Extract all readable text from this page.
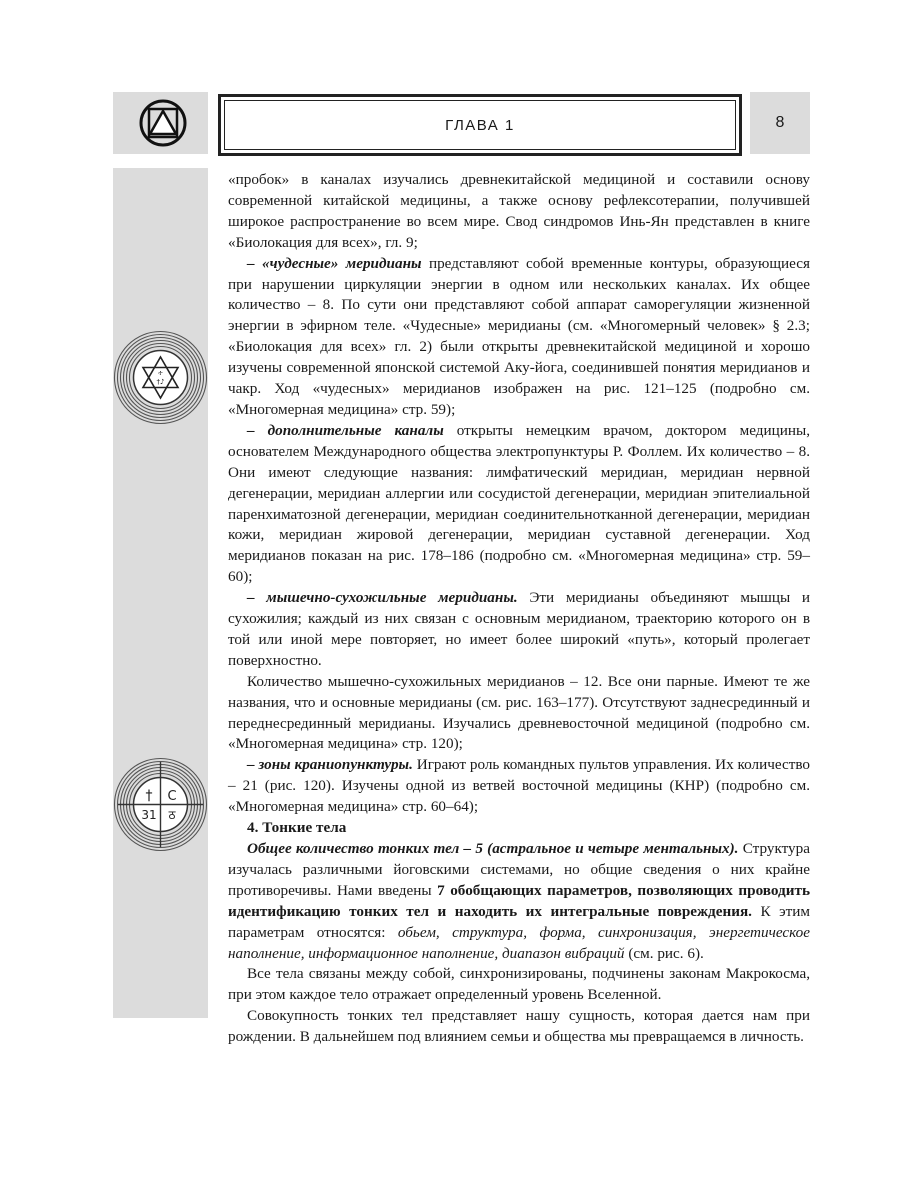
ГЛАВА 1	8
ተ
†♪
† С
31 ठ

«пробок» в каналах изучались древнекитайской медициной и составили основу современной китайской медицины, а также основу рефлексотерапии, получившей широкое распространение во всем мире. Свод синдромов Инь-Ян представлен в книге «Биолокация для всех», гл. 9;

– «чудесные» меридианы представляют собой временные контуры, образующиеся при нарушении циркуляции энергии в одном или нескольких каналах. Их общее количество – 8. По сути они представляют собой аппарат саморегуляции жизненной энергии в эфирном теле. «Чудесные» меридианы (см. «Многомерный человек» § 2.3; «Биолокация для всех» гл. 2) были открыты древнекитайской медициной и хорошо изучены современной японской системой Аку-йога, соединившей понятия меридианов и чакр. Ход «чудесных» меридианов изображен на рис. 121–125 (подробно см. «Многомерная медицина» стр. 59);

– дополнительные каналы открыты немецким врачом, доктором медицины, основателем Международного общества электропунктуры Р. Фоллем. Их количество – 8. Они имеют следующие названия: лимфатический меридиан, меридиан нервной дегенерации, меридиан аллергии или сосудистой дегенерации, меридиан эпителиальной паренхиматозной дегенерации, меридиан соединительнотканной дегенерации, меридиан кожи, меридиан жировой дегенерации, меридиан суставной дегенерации. Ход меридианов показан на рис. 178–186 (подробно см. «Многомерная медицина» стр. 59–60);

– мышечно-сухожильные меридианы. Эти меридианы объединяют мышцы и сухожилия; каждый из них связан с основным меридианом, траекторию которого он в той или иной мере повторяет, но имеет более широкий «путь», который пролегает поверхностно.

Количество мышечно-сухожильных меридианов – 12. Все они парные. Имеют те же названия, что и основные меридианы (см. рис. 163–177). Отсутствуют заднесрединный и переднесрединный меридианы. Изучались древневосточной медициной (подробно см. «Многомерная медицина» стр. 120);

– зоны краниопунктуры. Играют роль командных пультов управления. Их количество – 21 (рис. 120). Изучены одной из ветвей восточной медицины (КНР) (подробно см. «Многомерная медицина» стр. 60–64);

4. Тонкие тела

Общее количество тонких тел – 5 (астральное и четыре ментальных). Структура изучалась различными йоговскими системами, но общие сведения о них крайне противоречивы. Нами введены 7 обобщающих параметров, позволяющих проводить идентификацию тонких тел и находить их интегральные повреждения. К этим параметрам относятся: обьем, структура, форма, синхронизация, энергетическое наполнение, информационное наполнение, диапазон вибраций (см. рис. 6).

Все тела связаны между собой, синхронизированы, подчинены законам Макрокосма, при этом каждое тело отражает определенный уровень Вселенной.

Совокупность тонких тел представляет нашу сущность, которая дается нам при рождении. В дальнейшем под влиянием семьи и общества мы превращаемся в личность.
